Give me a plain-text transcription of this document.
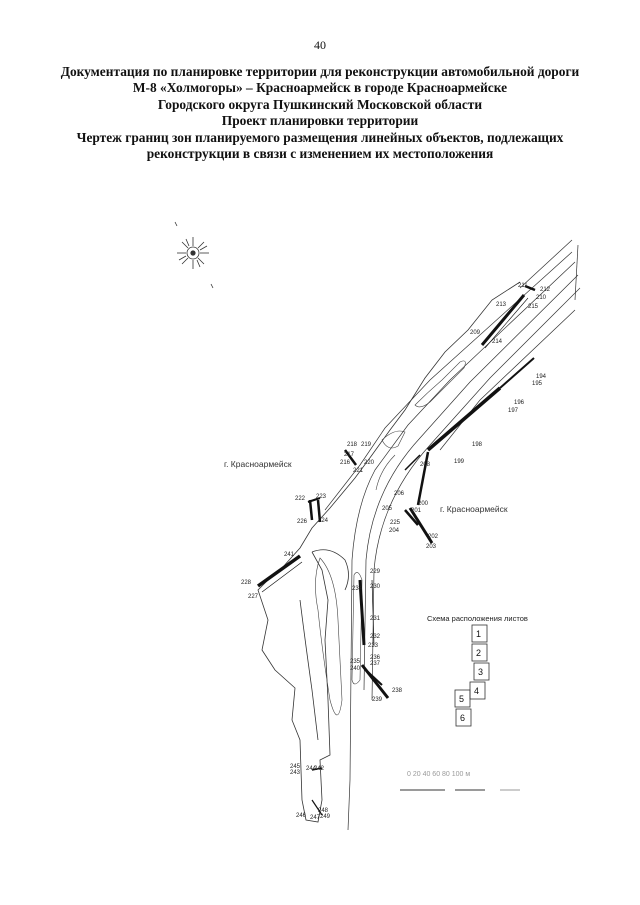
40
Документация по планировке территории для реконструкции автомобильной дороги
М-8 «Холмогоры» – Красноармейск в городе Красноармейске
Городского округа Пушкинский Московской области
Проект планировки территории
Чертеж границ зон планируемого размещения линейных объектов, подлежащих
реконструкции в связи с изменением их местоположения
211
212
213
210
215
209
214
194
195
196
197
198
199
218 219
217
220
216
221
222 223
224
200
201
208
206
205
204
202
203
225
226
227
228
229
230
231
232
233
234
235
236
237
238
239
240
241
242
243
244
245
246 247
248
249
г. Красноармейск
г. Красноармейск
Схема расположения листов
1
2
3
4
5
6
0 20 40 60 80 100 м
